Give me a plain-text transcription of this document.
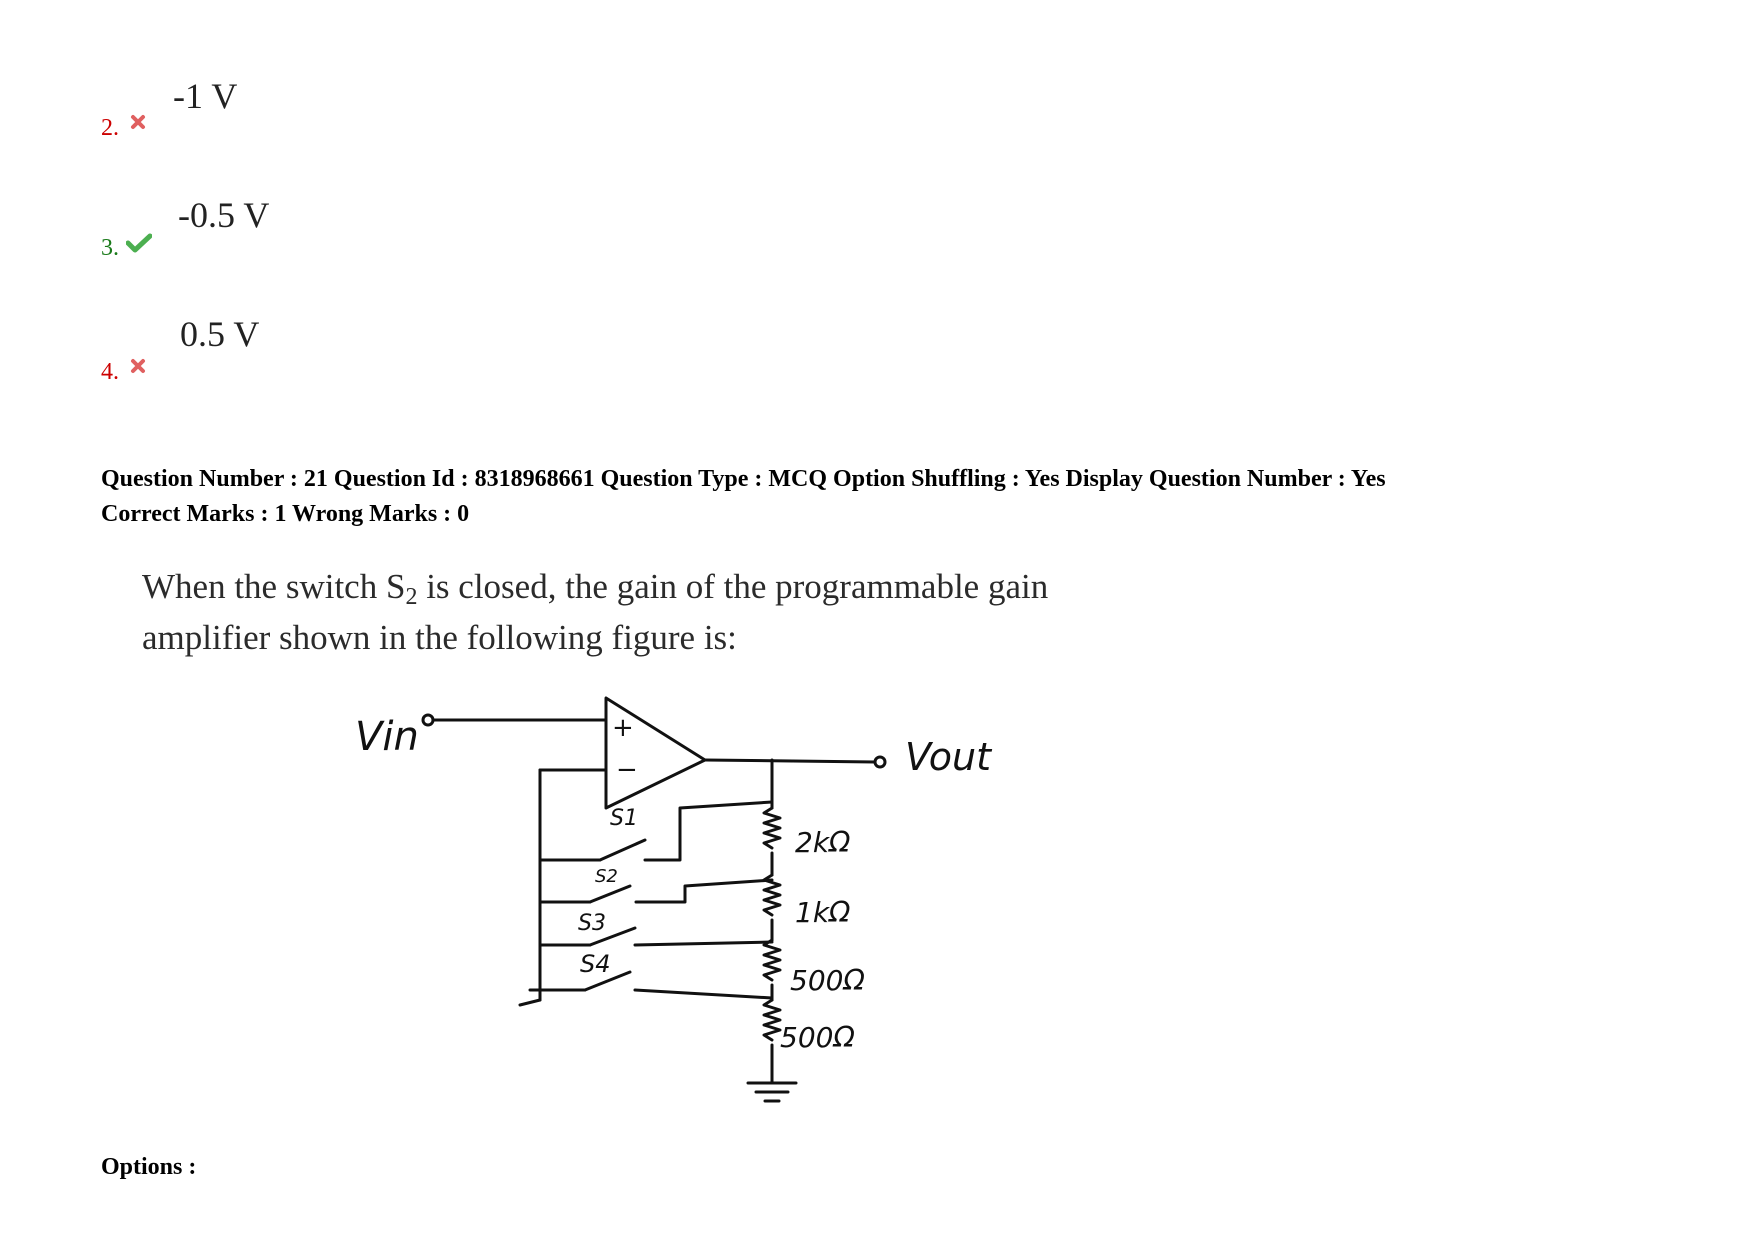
-1 V
2.
-0.5 V
3.
0.5 V
4.
Question Number : 21 Question Id : 8318968661 Question Type : MCQ Option Shuffling : Yes Display Question Number : Yes
Correct Marks : 1 Wrong Marks : 0
When the switch $S_2$ is closed, the gain of the programmable gain
amplifier shown in the following figure is:
Vin	+
−	Vout
2kΩ
1kΩ
500Ω
500Ω
S1
S2
S3
S4
Options :
